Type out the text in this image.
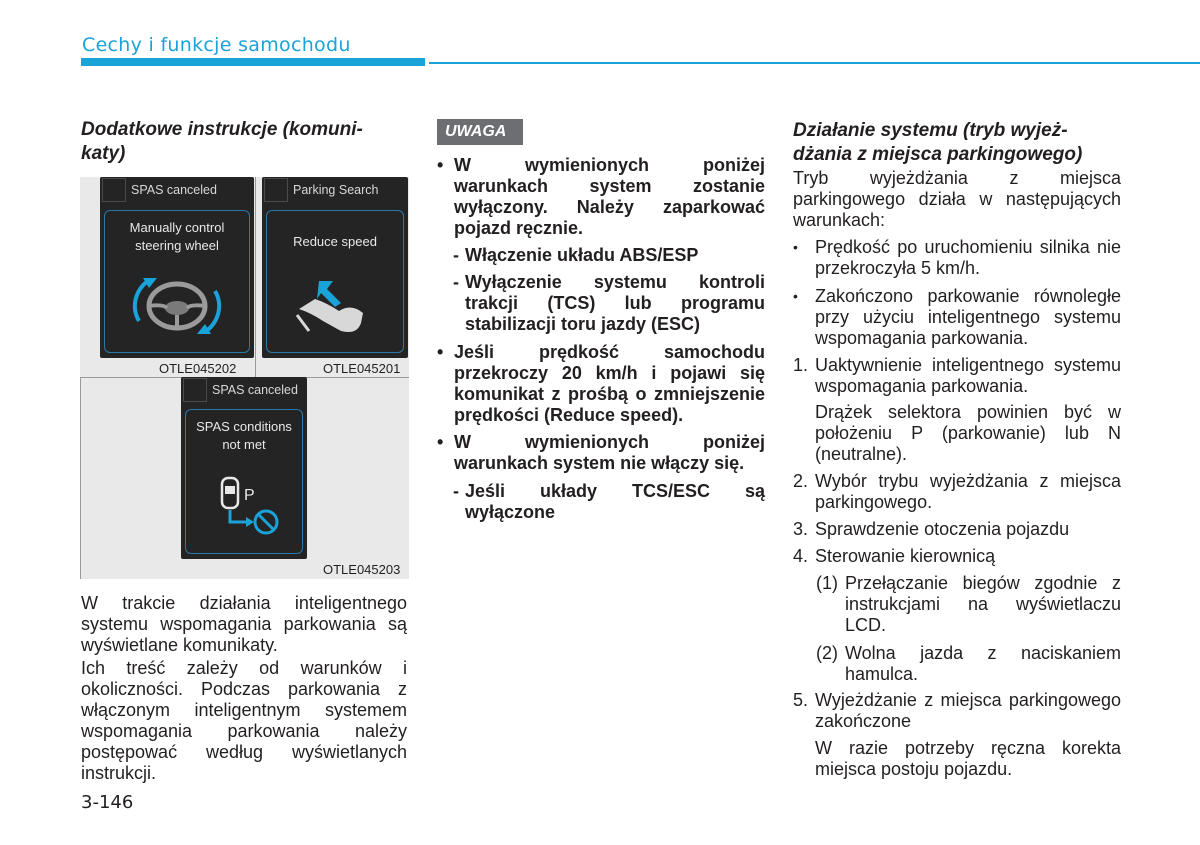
Cechy i funkcje samochodu
Dodatkowe instrukcje (komuni-
katy)
SPAS canceled
Manually control
steering wheel
Parking Search
Reduce speed
OTLE045202	OTLE045201
SPAS canceled
SPAS conditions
not met
P
OTLE045203
W trakcie działania inteligentnego systemu wspomagania parkowania są wyświetlane komunikaty.
Ich treść zależy od warunków i okoliczności. Podczas parkowania z włączonym inteligentnym systemem wspomagania parkowania należy postępować według wyświetlanych instrukcji.
UWAGA
• W wymienionych poniżej warunkach system zostanie wyłączony. Należy zaparkować pojazd ręcznie.
- Włączenie układu ABS/ESP
- Wyłączenie systemu kontroli trakcji (TCS) lub programu stabilizacji toru jazdy (ESC)
• Jeśli prędkość samochodu przekroczy 20 km/h i pojawi się komunikat z prośbą o zmniejszenie prędkości (Reduce speed).
• W wymienionych poniżej warunkach system nie włączy się.
- Jeśli układy TCS/ESC są wyłączone
Działanie systemu (tryb wyjeż-
dżania z miejsca parkingowego)
Tryb wyjeżdżania z miejsca parkingowego działa w następujących warunkach:
• Prędkość po uruchomieniu silnika nie przekroczyła 5 km/h.
• Zakończono parkowanie równoległe przy użyciu inteligentnego systemu wspomagania parkowania.
1. Uaktywnienie inteligentnego systemu wspomagania parkowania.
Drążek selektora powinien być w położeniu P (parkowanie) lub N (neutralne).
2. Wybór trybu wyjeżdżania z miejsca parkingowego.
3. Sprawdzenie otoczenia pojazdu
4. Sterowanie kierownicą
(1) Przełączanie biegów zgodnie z instrukcjami na wyświetlaczu LCD.
(2) Wolna jazda z naciskaniem hamulca.
5. Wyjeżdżanie z miejsca parkingowego zakończone
W razie potrzeby ręczna korekta miejsca postoju pojazdu.
3-146
